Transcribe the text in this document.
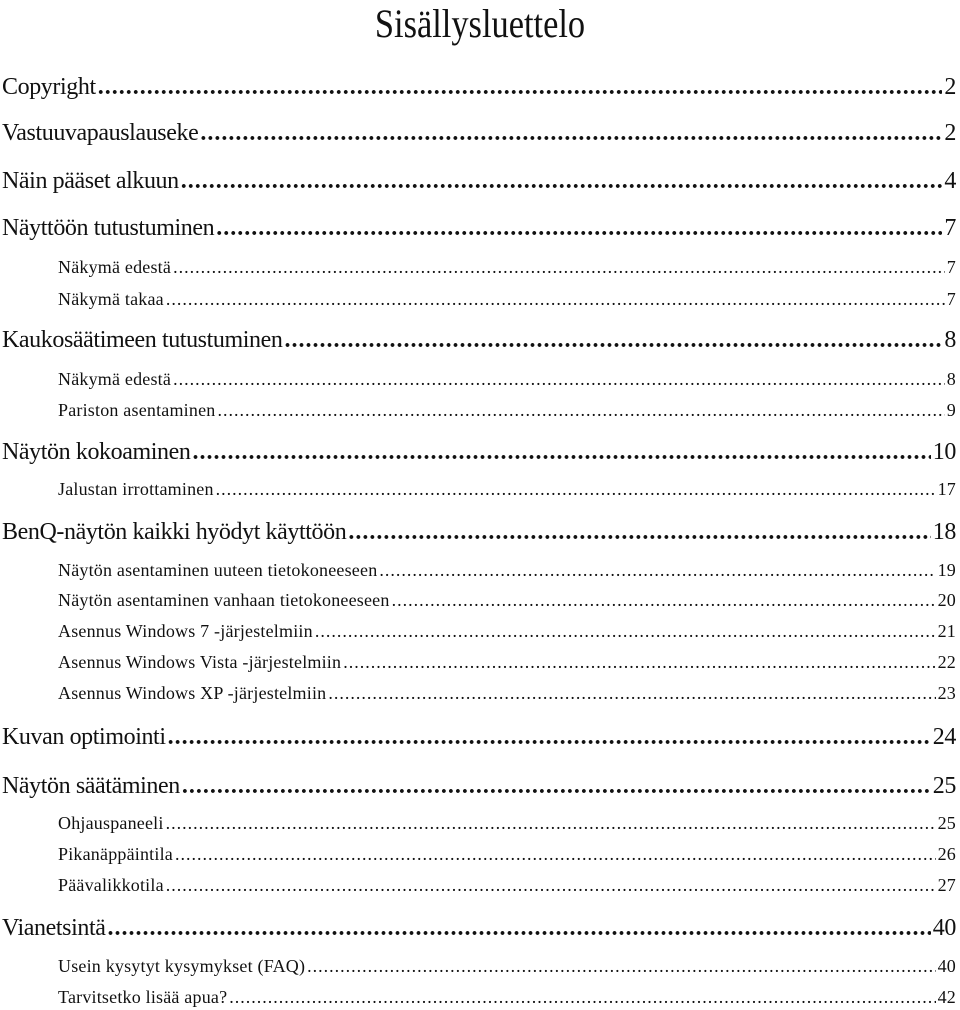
Sisällysluettelo
Copyright .....	2
Vastuuvapauslauseke .....	2
Näin pääset alkuun .....	4
Näyttöön tutustuminen .....	7
Näkymä edestä .....	7
Näkymä takaa .....	7
Kaukosäätimeen tutustuminen .....	8
Näkymä edestä .....	8
Pariston asentaminen .....	9
Näytön kokoaminen .....	10
Jalustan irrottaminen .....	17
BenQ-näytön kaikki hyödyt käyttöön .....	18
Näytön asentaminen uuteen tietokoneeseen .....	19
Näytön asentaminen vanhaan tietokoneeseen .....	20
Asennus Windows 7 -järjestelmiin .....	21
Asennus Windows Vista -järjestelmiin .....	22
Asennus Windows XP -järjestelmiin .....	23
Kuvan optimointi .....	24
Näytön säätäminen .....	25
Ohjauspaneeli .....	25
Pikanäppäintila .....	26
Päävalikkotila .....	27
Vianetsintä .....	40
Usein kysytyt kysymykset (FAQ) .....	40
Tarvitsetko lisää apua? .....	42
